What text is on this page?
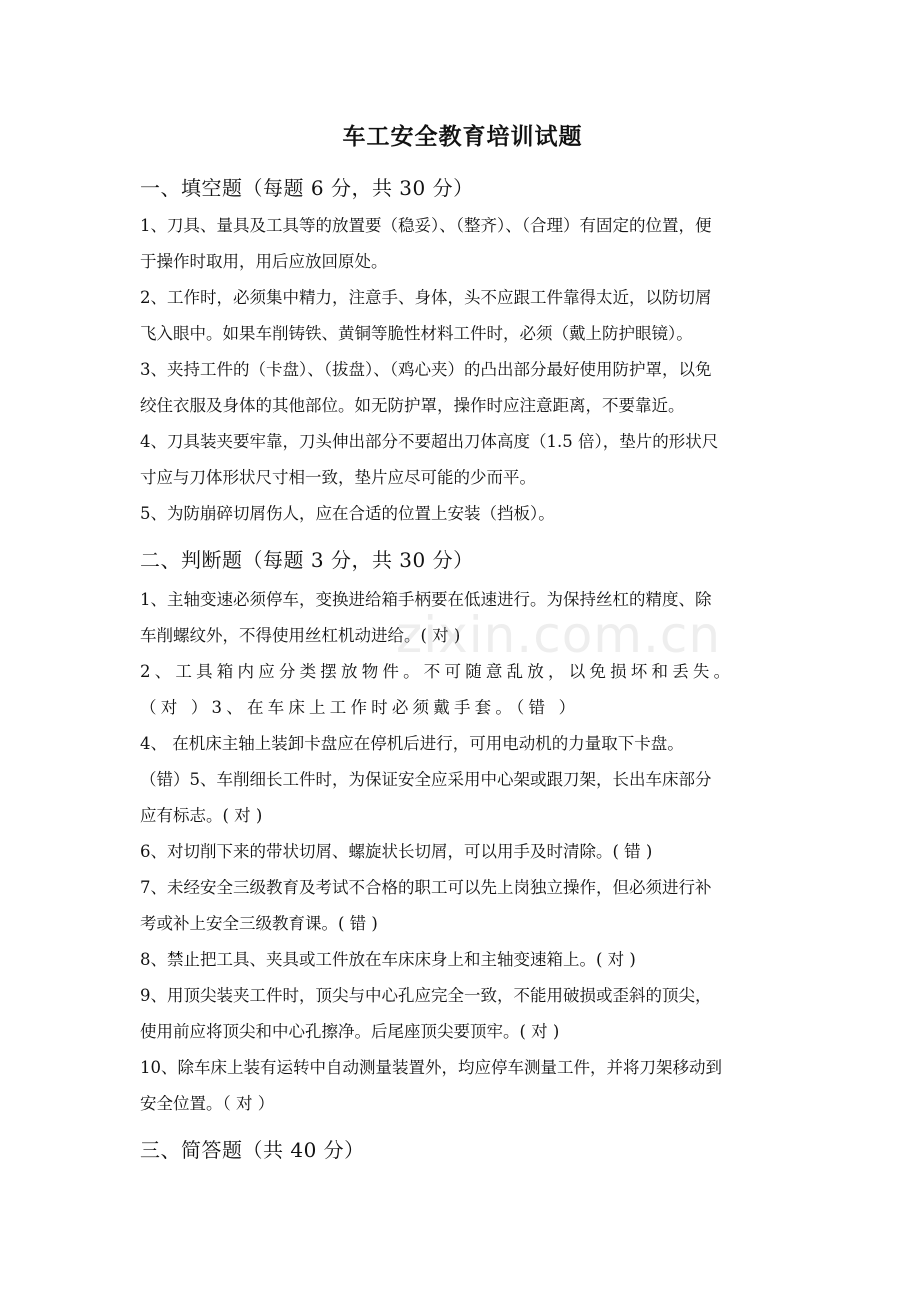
车工安全教育培训试题
一、填空题（每题 6 分，共 30 分）
1、刀具、量具及工具等的放置要（稳妥）、（整齐）、（合理）有固定的位置，便
于操作时取用，用后应放回原处。
2、工作时，必须集中精力，注意手、身体，头不应跟工件靠得太近，以防切屑
飞入眼中。如果车削铸铁、黄铜等脆性材料工件时，必须（戴上防护眼镜）。
3、夹持工件的（卡盘）、（拔盘）、（鸡心夹）的凸出部分最好使用防护罩，以免
绞住衣服及身体的其他部位。如无防护罩，操作时应注意距离，不要靠近。
4、刀具装夹要牢靠，刀头伸出部分不要超出刀体高度（1.5 倍），垫片的形状尺
寸应与刀体形状尺寸相一致，垫片应尽可能的少而平。
5、为防崩碎切屑伤人，应在合适的位置上安装（挡板）。
二、判断题（每题 3 分，共 30 分）
1、主轴变速必须停车，变换进给箱手柄要在低速进行。为保持丝杠的精度、除
车削螺纹外，不得使用丝杠机动进给。( 对 )
2、工具箱内应分类摆放物件。不可随意乱放，以免损坏和丢失。
（对 ）3、在车床上工作时必须戴手套。（错 ）
4、 在机床主轴上装卸卡盘应在停机后进行，可用电动机的力量取下卡盘。
（错）5、车削细长工件时，为保证安全应采用中心架或跟刀架，长出车床部分
应有标志。( 对 )
6、对切削下来的带状切屑、螺旋状长切屑，可以用手及时清除。( 错 )
7、未经安全三级教育及考试不合格的职工可以先上岗独立操作，但必须进行补
考或补上安全三级教育课。( 错 )
8、禁止把工具、夹具或工件放在车床床身上和主轴变速箱上。( 对 )
9、用顶尖装夹工件时，顶尖与中心孔应完全一致，不能用破损或歪斜的顶尖，
使用前应将顶尖和中心孔擦净。后尾座顶尖要顶牢。( 对 )
10、除车床上装有运转中自动测量装置外，均应停车测量工件，并将刀架移动到
安全位置。（ 对 ）
三、简答题（共 40 分）
zixin.com.cn
